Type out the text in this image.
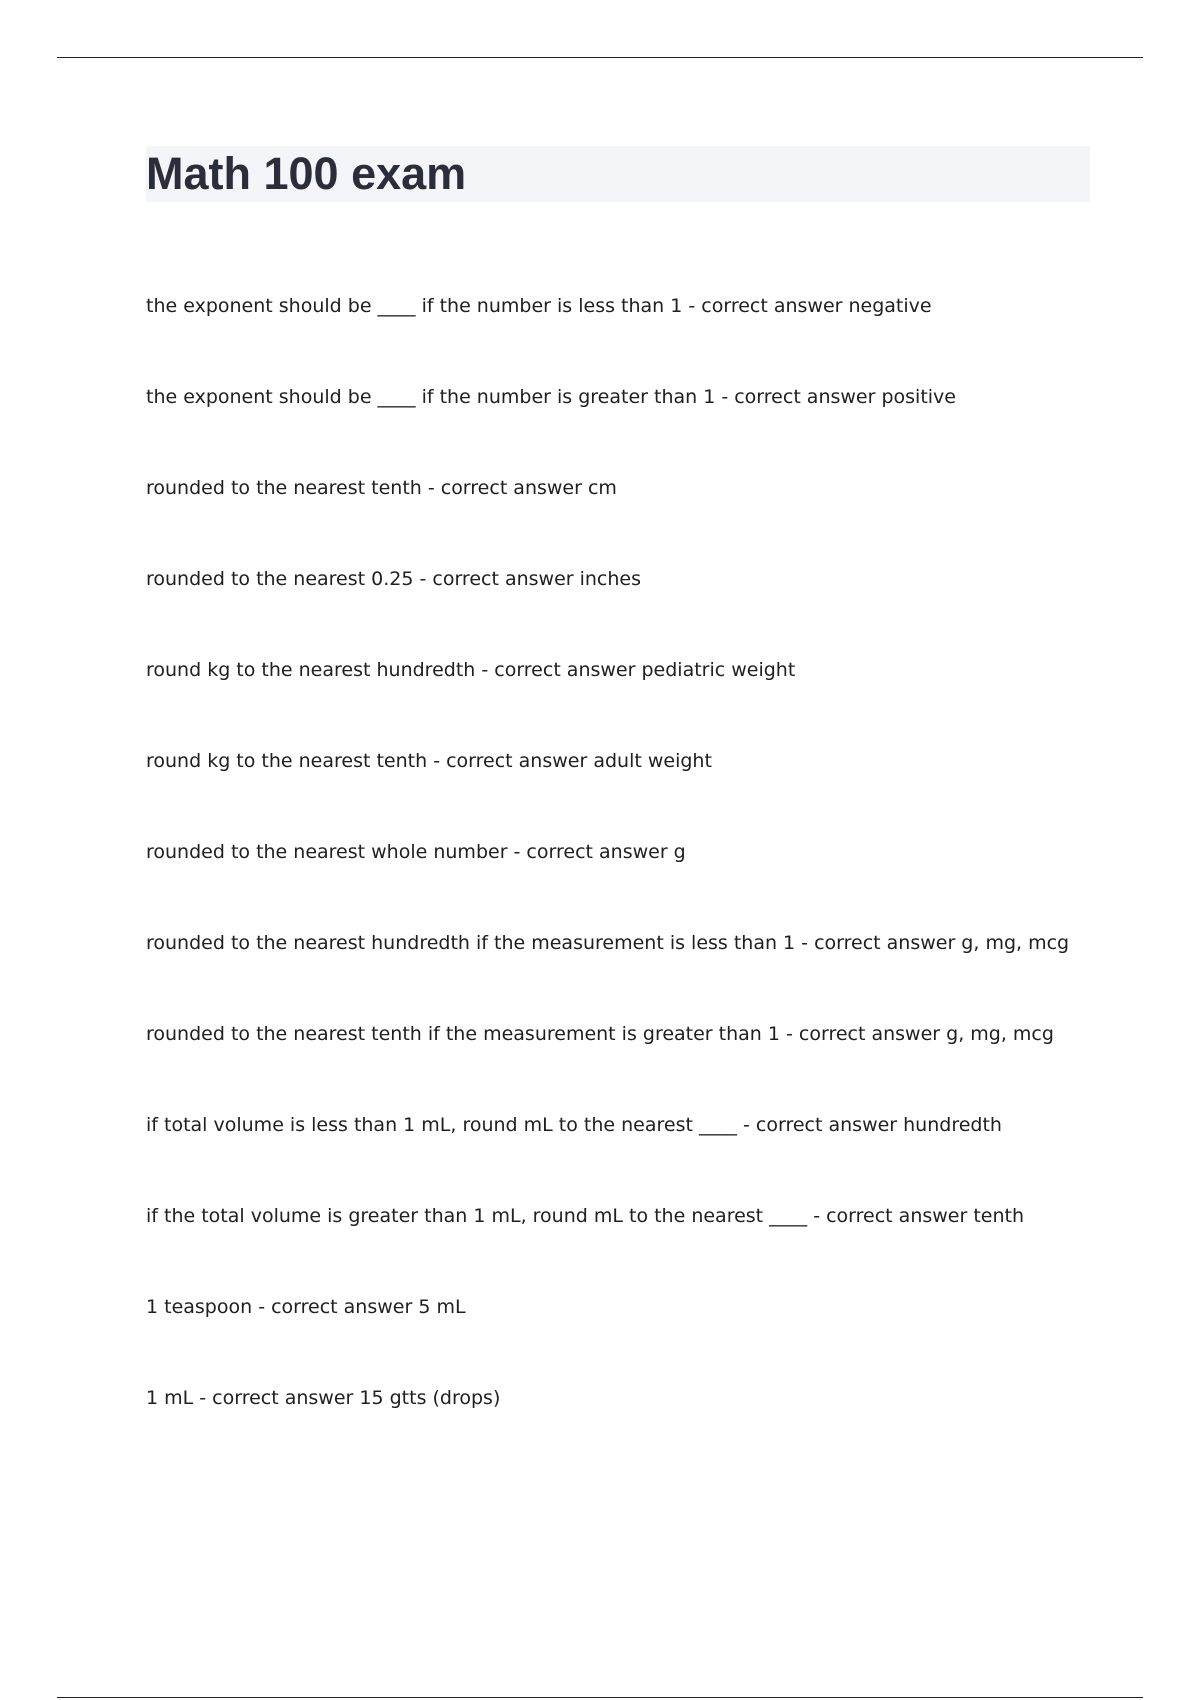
Math 100 exam
the exponent should be ____ if the number is less than 1 - correct answer negative
the exponent should be ____ if the number is greater than 1 - correct answer positive
rounded to the nearest tenth - correct answer cm
rounded to the nearest 0.25 - correct answer inches
round kg to the nearest hundredth - correct answer pediatric weight
round kg to the nearest tenth - correct answer adult weight
rounded to the nearest whole number - correct answer g
rounded to the nearest hundredth if the measurement is less than 1 - correct answer g, mg, mcg
rounded to the nearest tenth if the measurement is greater than 1 - correct answer g, mg, mcg
if total volume is less than 1 mL, round mL to the nearest ____ - correct answer hundredth
if the total volume is greater than 1 mL, round mL to the nearest ____ - correct answer tenth
1 teaspoon - correct answer 5 mL
1 mL - correct answer 15 gtts (drops)
